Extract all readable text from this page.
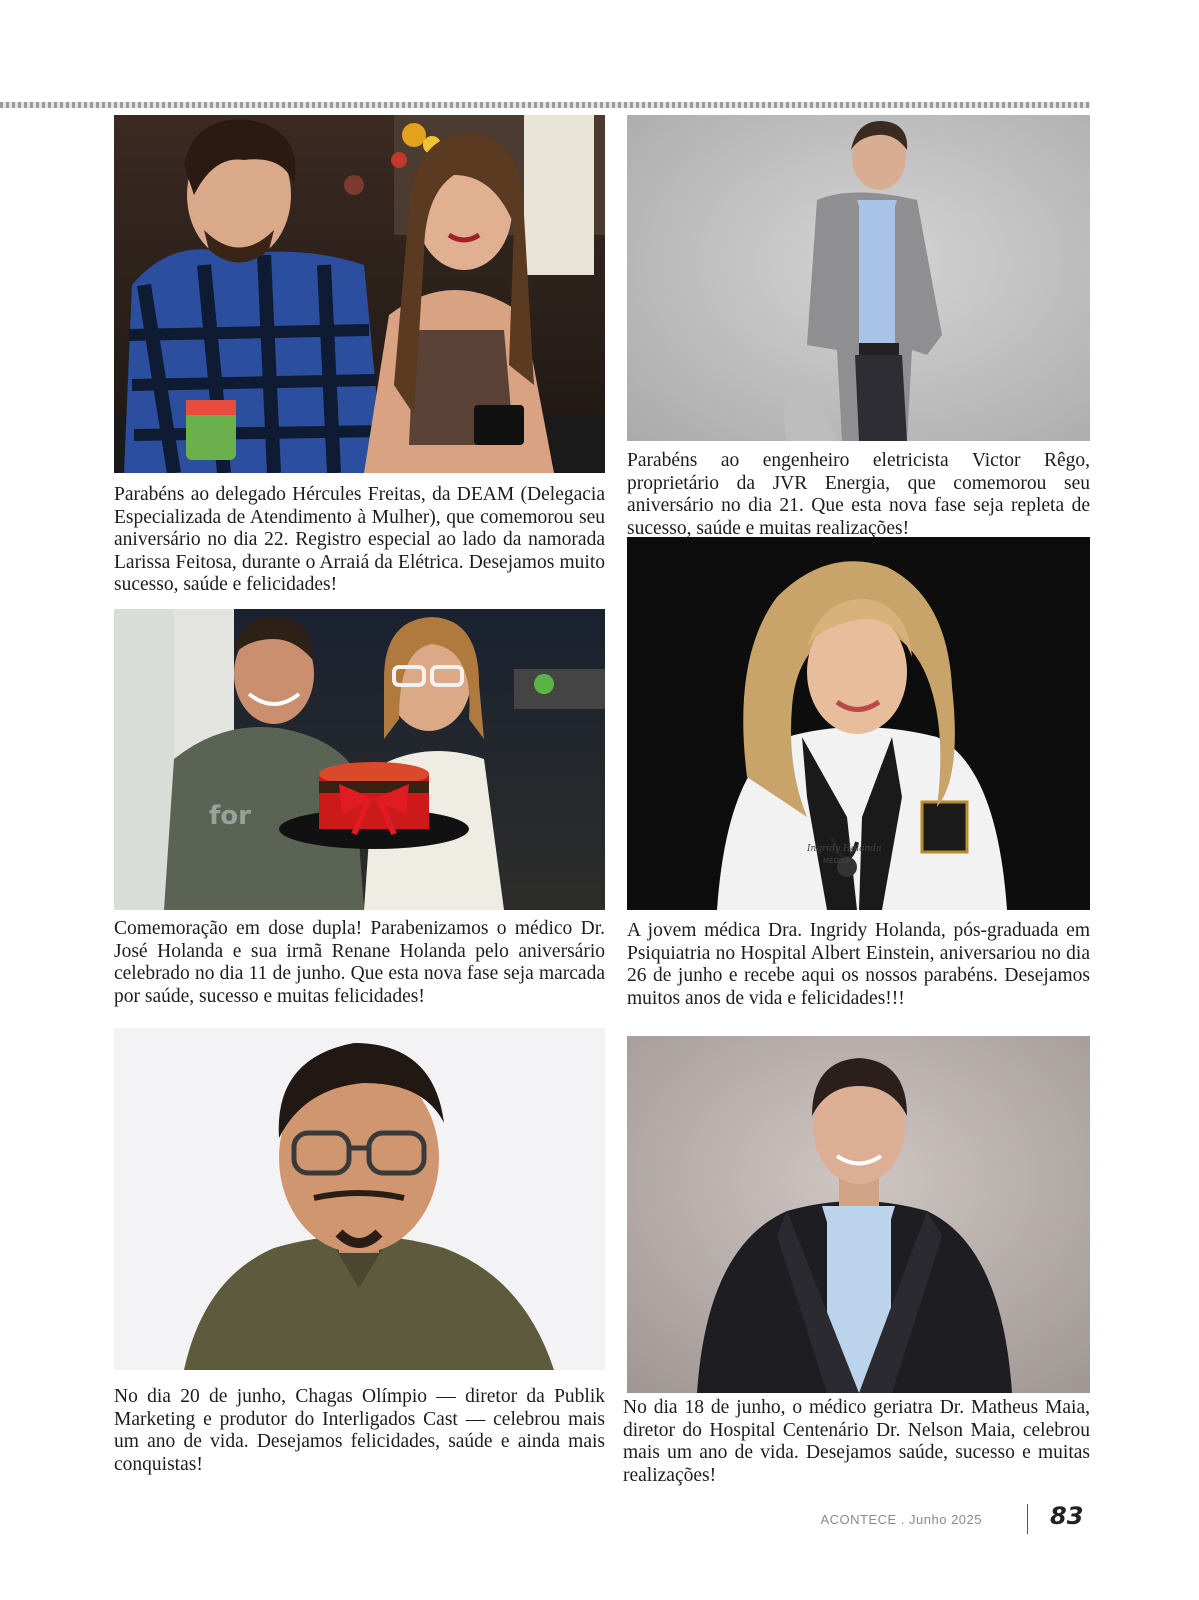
for
Ingridy Holanda
MÉDICA

Parabéns ao delegado Hércules Freitas, da DEAM (Delegacia Especializada de Atendimento à Mulher), que comemorou seu aniversário no dia 22. Registro especial ao lado da namorada Larissa Feitosa, durante o Arraiá da Elétrica. Desejamos muito sucesso, saúde e felicidades!

Parabéns ao engenheiro eletricista Victor Rêgo, proprietário da JVR Energia, que comemorou seu aniversário no dia 21. Que esta nova fase seja repleta de sucesso, saúde e muitas realizações!

Comemoração em dose dupla! Parabenizamos o médico Dr. José Holanda e sua irmã Renane Holanda pelo aniversário celebrado no dia 11 de junho. Que esta nova fase seja marcada por saúde, sucesso e muitas felicidades!

A jovem médica Dra. Ingridy Holanda, pós-graduada em Psiquiatria no Hospital Albert Einstein, aniversariou no dia 26 de junho e recebe aqui os nossos parabéns. Desejamos muitos anos de vida e felicidades!!!

No dia 20 de junho, Chagas Olímpio — diretor da Publik Marketing e produtor do Interligados Cast — celebrou mais um ano de vida. Desejamos felicidades, saúde e ainda mais conquistas!

No dia 18 de junho, o médico geriatra Dr. Matheus Maia, diretor do Hospital Centenário Dr. Nelson Maia, celebrou mais um ano de vida. Desejamos saúde, sucesso e muitas realizações!

ACONTECE . Junho 2025	83
